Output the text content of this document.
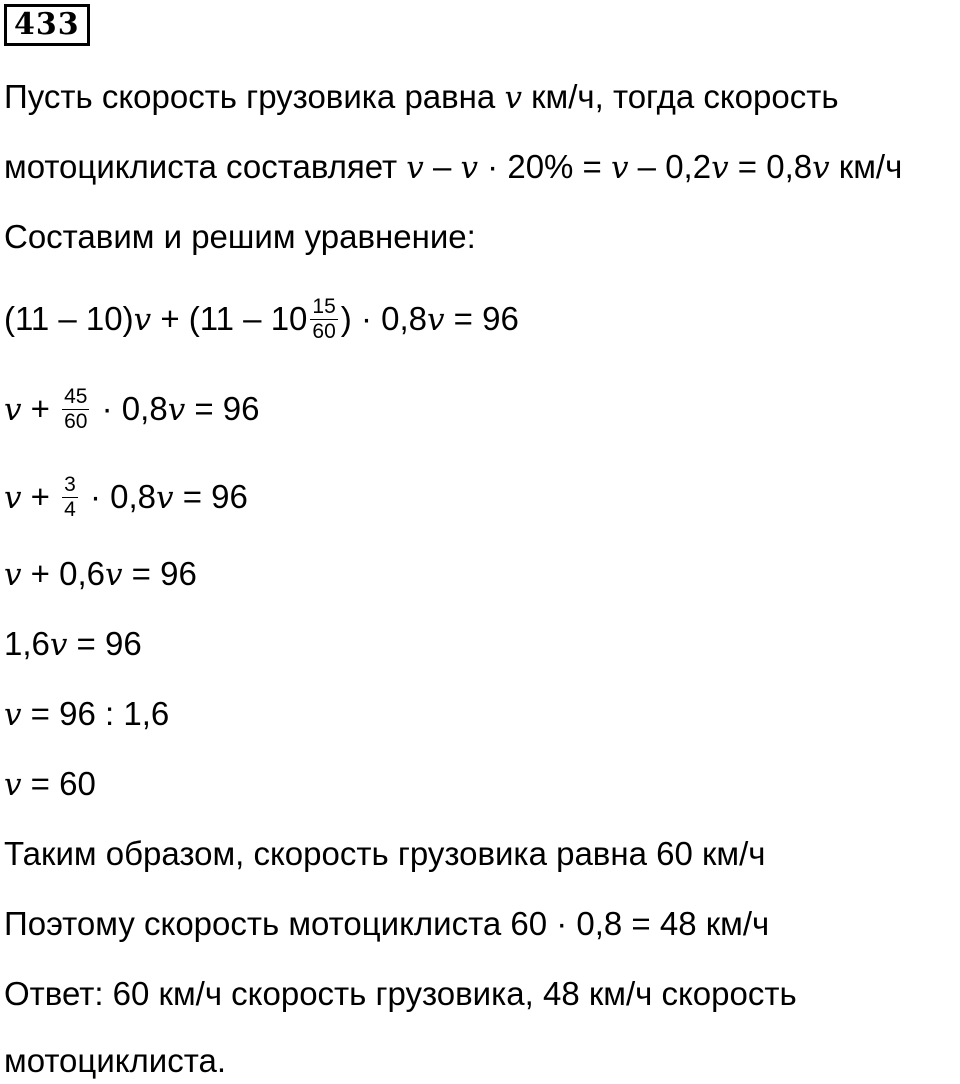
433
Пусть скорость грузовика равна v км/ч, тогда скорость
мотоциклиста составляет v – v · 20% = v – 0,2v = 0,8v км/ч
Составим и решим уравнение:
$(11 - 10)v + (11 - 10 \frac{15}{60}$ ) · 0,8v = 96
$v + \frac{45}{60} \cdot 0,8v = 96$
$v + \frac{3}{4} \cdot 0,8v = 96$
v + 0,6v = 96
1,6v = 96
v = 96 : 1,6
v = 60
Таким образом, скорость грузовика равна 60 км/ч
Поэтому скорость мотоциклиста 60 · 0,8 = 48 км/ч
Ответ: 60 км/ч скорость грузовика, 48 км/ч скорость
мотоциклиста.
